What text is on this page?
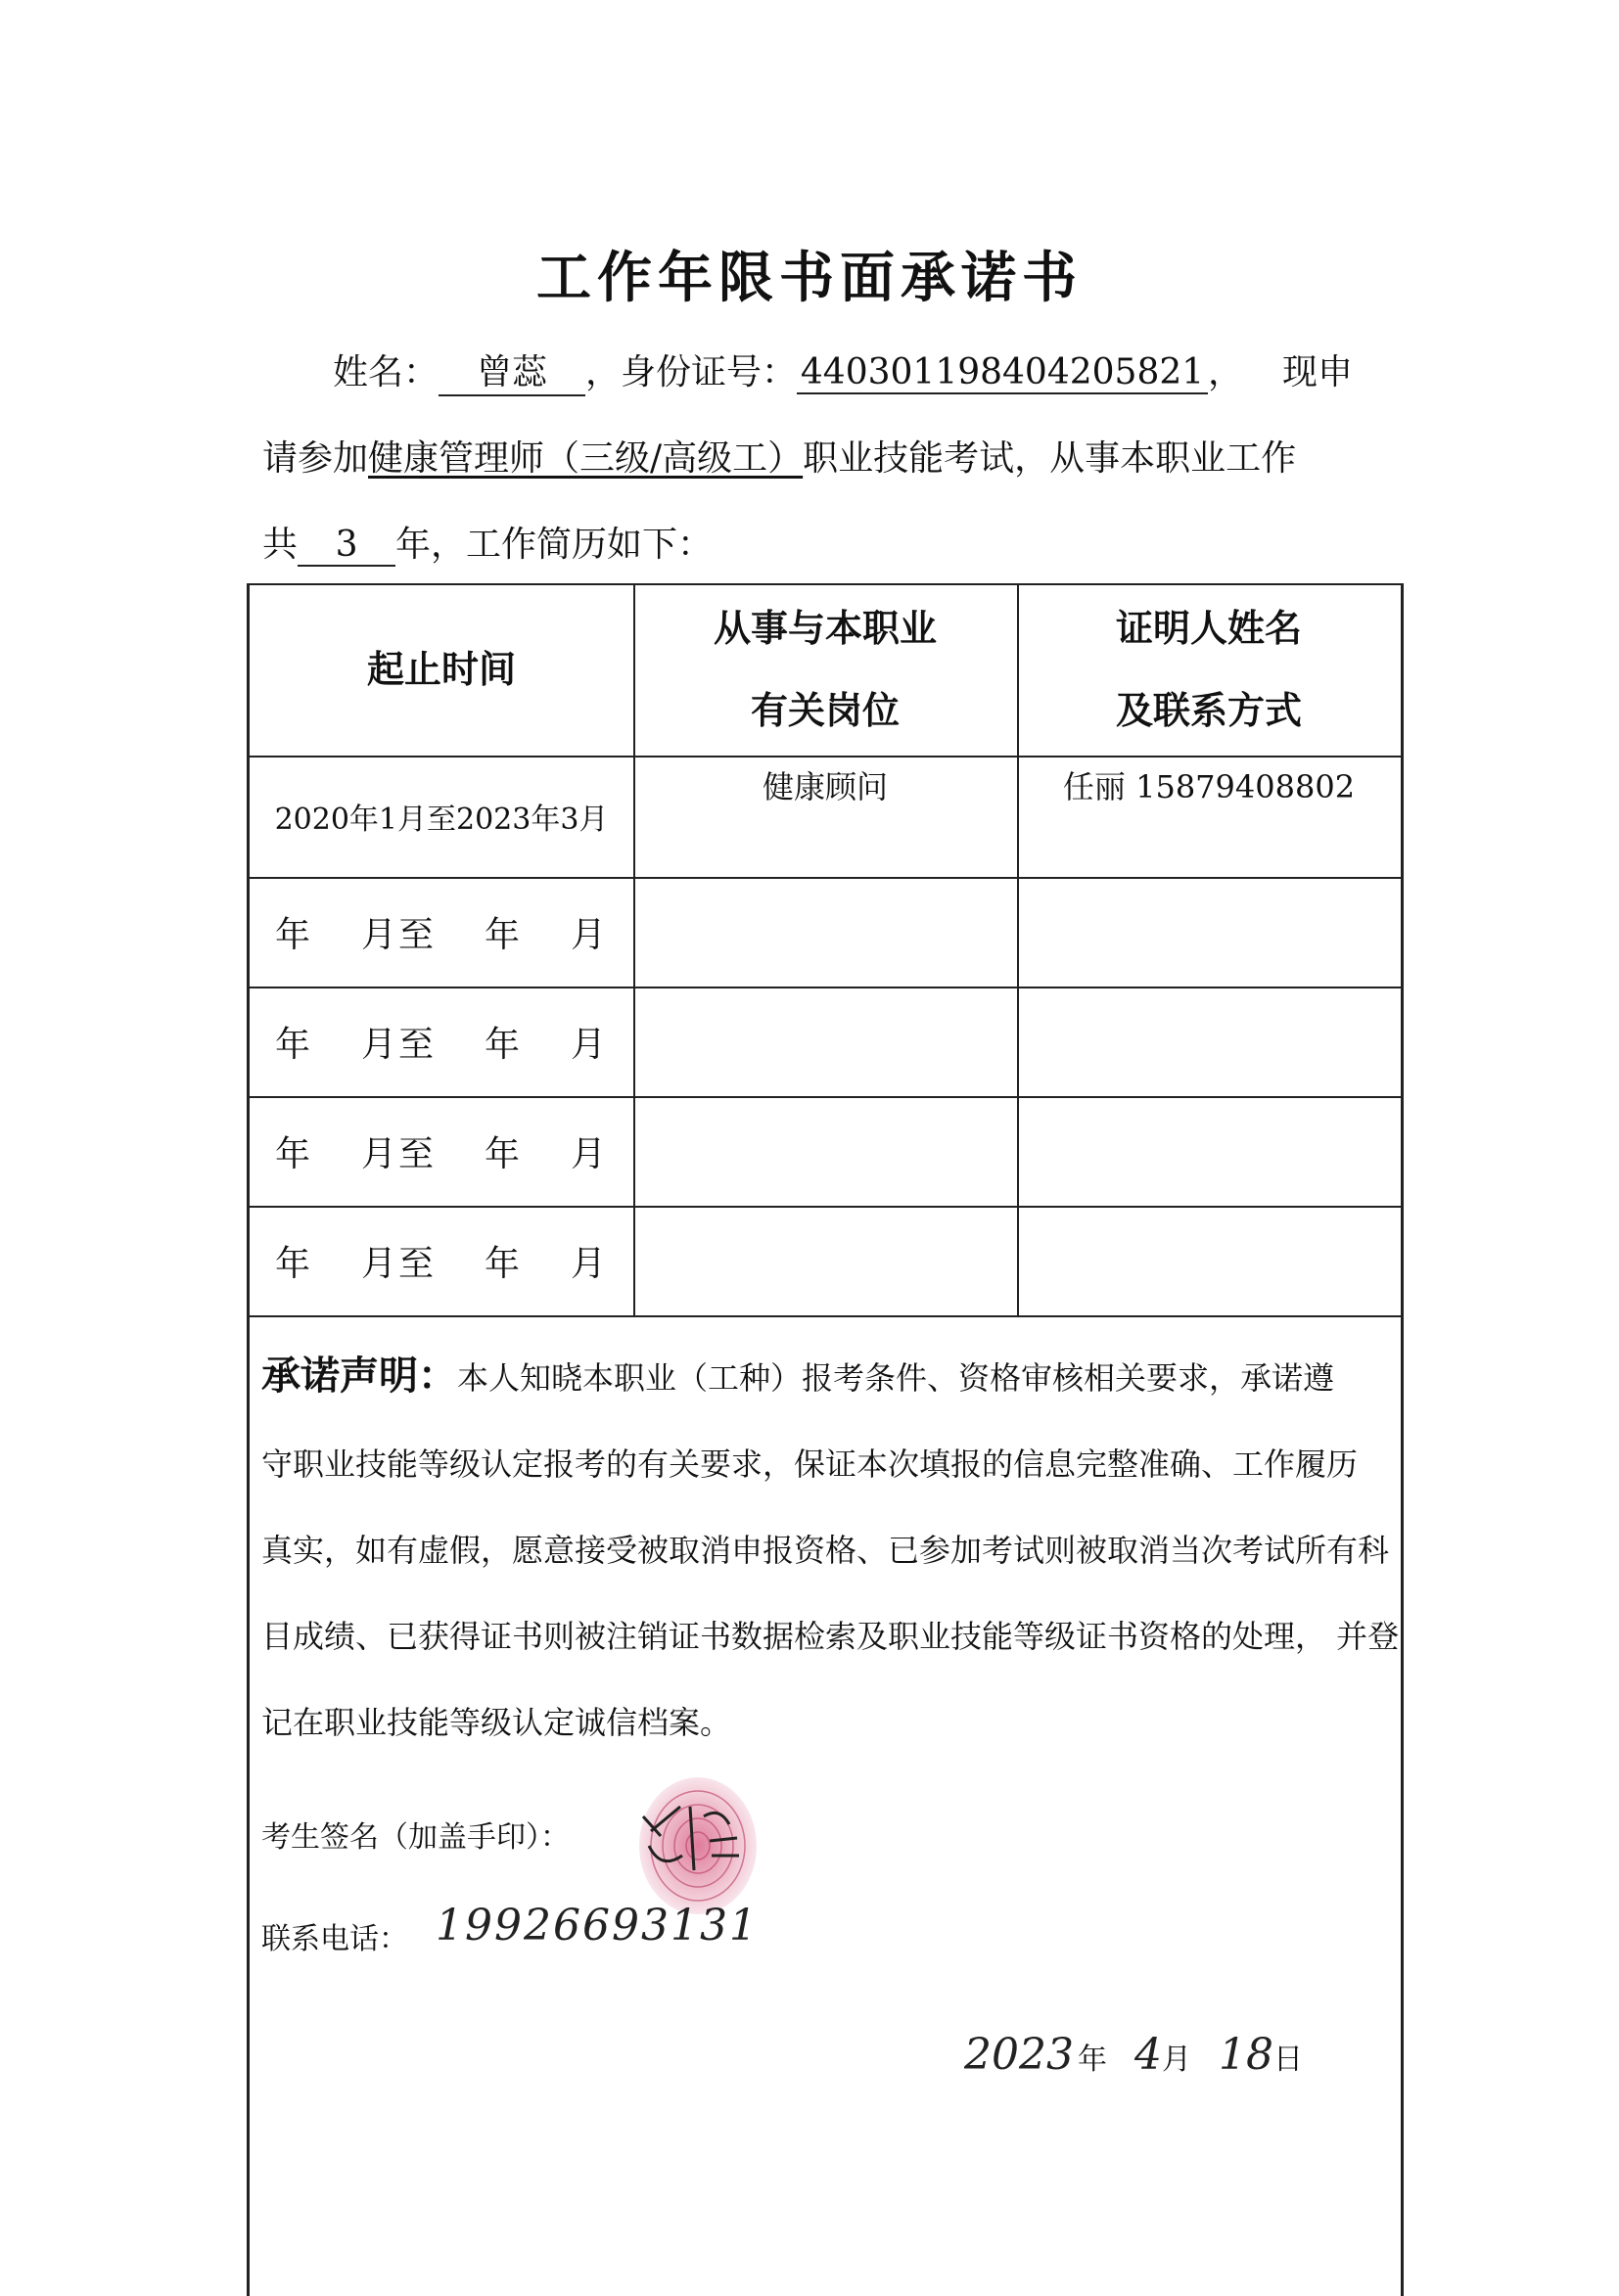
工作年限书面承诺书
姓名： 曾蕊 ，身份证号： 440301198404205821 ， 现申
请参加健康管理师（三级/高级工）职业技能考试，从事本职业工作
共 3 年，工作简历如下：
起止时间
从事与本职业
有关岗位
证明人姓名
及联系方式
2020年1月至2023年3月
健康顾问	任丽 15879408802
年 月至 年 月
年 月至 年 月
年 月至 年 月
年 月至 年 月
承诺声明：本人知晓本职业（工种）报考条件、资格审核相关要求，承诺遵
守职业技能等级认定报考的有关要求，保证本次填报的信息完整准确、工作履历
真实，如有虚假，愿意接受被取消申报资格、已参加考试则被取消当次考试所有科
目成绩、已获得证书则被注销证书数据检索及职业技能等级证书资格的处理， 并登
记在职业技能等级认定诚信档案。
考生签名（加盖手印）：
联系电话： 19926693131
2023 年 4月 18日
